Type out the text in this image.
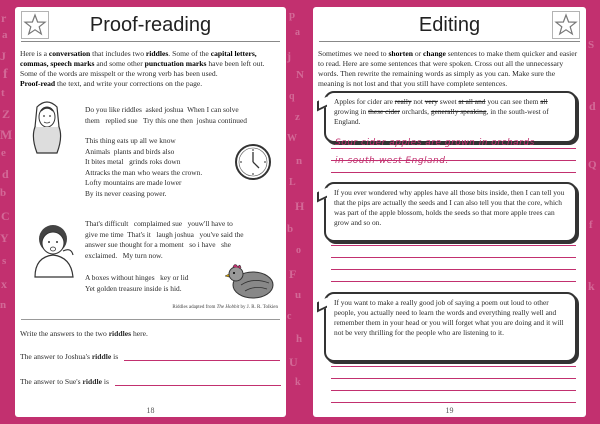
r
a
J
f
t
Z
M
e
d
b
C
Y
s
x
n
p
a
j
N
q
z
W
n
L
H
b
o
F
u
c
h
U
k
S
d
Q
f
k
Proof-reading
Here is a conversation that includes two riddles. Some of the capital letters, commas, speech marks and some other punctuation marks have been left out. Some of the words are misspelt or the wrong verb has been used.
Proof-read the text, and write your corrections on the page.
Do you like riddles  asked joshua  When I can solve
them   replied sue   Try this one then  joshua continued
This thing eats up all we know
Animals  plants and birds also
It bites metal   grinds roks down
Attracks the man who wears the crown.
Lofty mountains are made lower
By its never ceasing power.
That's difficult   complaimed sue   youw'll have to
give me time  That's it   laugh joshua   you've said the
answer sue thought for a moment   so i have   she
exclaimed.   My turn now.
A boxes without hinges   key or lid
Yet golden treasure inside is hid.
Riddles adapted from The Hobbit by J. R. R. Tolkien
Write the answers to the two riddles here.
The answer to Joshua's riddle is
The answer to Sue's riddle is
18
Editing
Sometimes we need to shorten or change sentences to make them quicker and easier to read. Here are some sentences that were spoken. Cross out all the unnecessary words. Then rewrite the remaining words as simply as you can. Make sure the meaning is not lost and that you still have complete sentences.
Apples for cider are really not very sweet at all and you can see them all growing in these cider orchards, generally speaking, in the south-west of England.
Sour cider apples are grown in orchards
in south-west England.
If you ever wondered why apples have all those bits inside, then I can tell you that the pips are actually the seeds and I can also tell you that the core, which was part of the apple blossom, holds the seeds so that more apple trees can grow and so on.
If you want to make a really good job of saying a poem out loud to other people, you actually need to learn the words and everything really well and remember them in your head or you will forget what you are doing and it will not be very thrilling for the people who are listening to it.
19
